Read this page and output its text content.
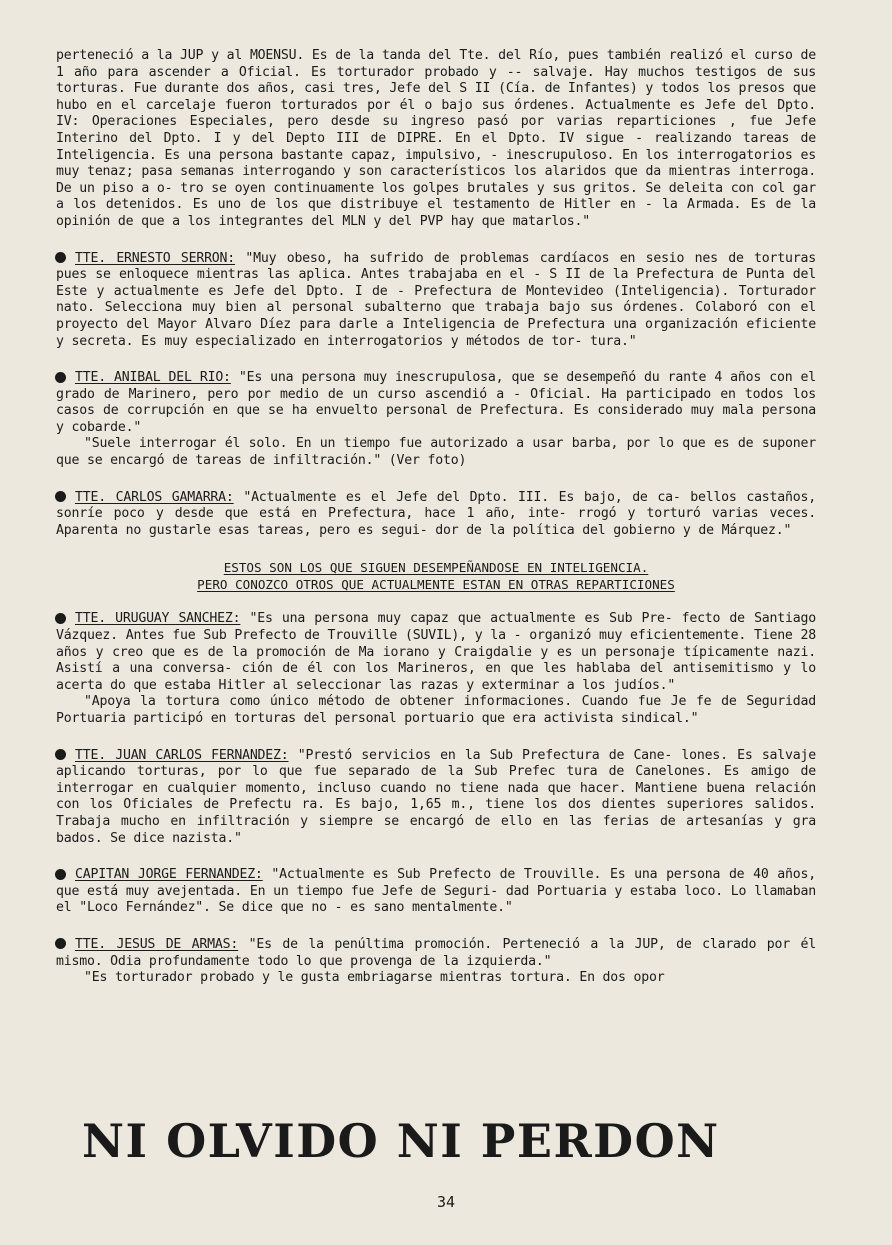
perteneció a la JUP y al MOENSU. Es de la tanda del Tte. del Río, pues también realizó el curso de 1 año para ascender a Oficial. Es torturador probado y -- salvaje. Hay muchos testigos de sus torturas. Fue durante dos años, casi tres, Jefe del S II (Cía. de Infantes) y todos los presos que hubo en el carcelaje fueron torturados por él o bajo sus órdenes. Actualmente es Jefe del Dpto. IV: Operaciones Especiales, pero desde su ingreso pasó por varias reparticiones , fue Jefe Interino del Dpto. I y del Depto III de DIPRE. En el Dpto. IV sigue - realizando tareas de Inteligencia. Es una persona bastante capaz, impulsivo, - inescrupuloso. En los interrogatorios es muy tenaz; pasa semanas interrogando y son característicos los alaridos que da mientras interroga. De un piso a o- tro se oyen continuamente los golpes brutales y sus gritos. Se deleita con col gar a los detenidos. Es uno de los que distribuye el testamento de Hitler en - la Armada. Es de la opinión de que a los integrantes del MLN y del PVP hay que matarlos."

TTE. ERNESTO SERRON: "Muy obeso, ha sufrido de problemas cardíacos en sesio nes de torturas pues se enloquece mientras las aplica. Antes trabajaba en el - S II de la Prefectura de Punta del Este y actualmente es Jefe del Dpto. I de - Prefectura de Montevideo (Inteligencia). Torturador nato. Selecciona muy bien al personal subalterno que trabaja bajo sus órdenes. Colaboró con el proyecto del Mayor Alvaro Díez para darle a Inteligencia de Prefectura una organización eficiente y secreta. Es muy especializado en interrogatorios y métodos de tor- tura."

TTE. ANIBAL DEL RIO: "Es una persona muy inescrupulosa, que se desempeñó du rante 4 años con el grado de Marinero, pero por medio de un curso ascendió a - Oficial. Ha participado en todos los casos de corrupción en que se ha envuelto personal de Prefectura. Es considerado muy mala persona y cobarde."

"Suele interrogar él solo. En un tiempo fue autorizado a usar barba, por lo que es de suponer que se encargó de tareas de infiltración." (Ver foto)

TTE. CARLOS GAMARRA: "Actualmente es el Jefe del Dpto. III. Es bajo, de ca- bellos castaños, sonríe poco y desde que está en Prefectura, hace 1 año, inte- rrogó y torturó varias veces. Aparenta no gustarle esas tareas, pero es segui- dor de la política del gobierno y de Márquez."

ESTOS SON LOS QUE SIGUEN DESEMPEÑANDOSE EN INTELIGENCIA.
PERO CONOZCO OTROS QUE ACTUALMENTE ESTAN EN OTRAS REPARTICIONES

TTE. URUGUAY SANCHEZ: "Es una persona muy capaz que actualmente es Sub Pre- fecto de Santiago Vázquez. Antes fue Sub Prefecto de Trouville (SUVIL), y la - organizó muy eficientemente. Tiene 28 años y creo que es de la promoción de Ma iorano y Craigdalie y es un personaje típicamente nazi. Asistí a una conversa- ción de él con los Marineros, en que les hablaba del antisemitismo y lo acerta do que estaba Hitler al seleccionar las razas y exterminar a los judíos."

"Apoya la tortura como único método de obtener informaciones. Cuando fue Je fe de Seguridad Portuaria participó en torturas del personal portuario que era activista sindical."

TTE. JUAN CARLOS FERNANDEZ: "Prestó servicios en la Sub Prefectura de Cane- lones. Es salvaje aplicando torturas, por lo que fue separado de la Sub Prefec tura de Canelones. Es amigo de interrogar en cualquier momento, incluso cuando no tiene nada que hacer. Mantiene buena relación con los Oficiales de Prefectu ra. Es bajo, 1,65 m., tiene los dos dientes superiores salidos. Trabaja mucho en infiltración y siempre se encargó de ello en las ferias de artesanías y gra bados. Se dice nazista."

CAPITAN JORGE FERNANDEZ: "Actualmente es Sub Prefecto de Trouville. Es una persona de 40 años, que está muy avejentada. En un tiempo fue Jefe de Seguri- dad Portuaria y estaba loco. Lo llamaban el "Loco Fernández". Se dice que no - es sano mentalmente."

TTE. JESUS DE ARMAS: "Es de la penúltima promoción. Perteneció a la JUP, de clarado por él mismo. Odia profundamente todo lo que provenga de la izquierda."

"Es torturador probado y le gusta embriagarse mientras tortura. En dos opor

NI OLVIDO NI PERDON
34
